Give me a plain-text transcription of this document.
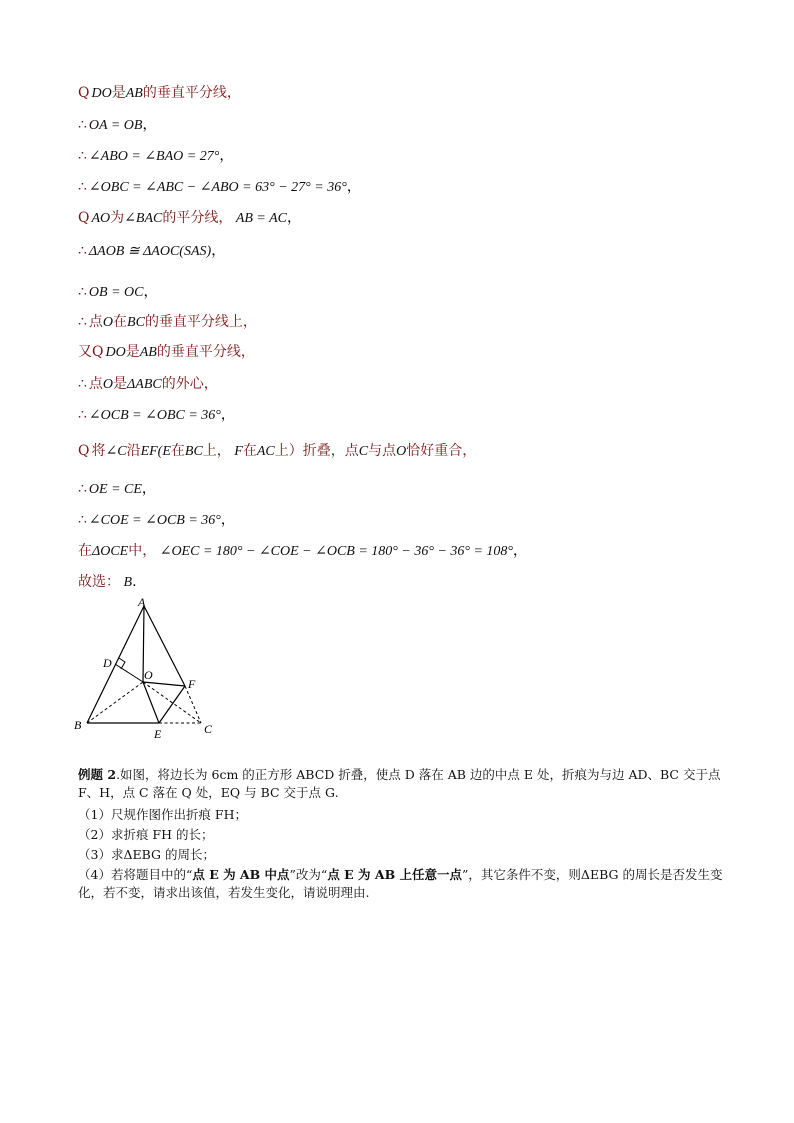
Q DO是AB的垂直平分线，
∴ OA = OB，
∴ ∠ABO = ∠BAO = 27°，
∴ ∠OBC = ∠ABC − ∠ABO = 63° − 27° = 36°，
Q AO为∠BAC的平分线， AB = AC，
∴ ΔAOB ≅ ΔAOC(SAS)，
∴ OB = OC，
∴ 点O在BC的垂直平分线上，
又Q DO是AB的垂直平分线，
∴ 点O是ΔABC的外心，
∴ ∠OCB = ∠OBC = 36°，
Q 将∠C沿EF(E在BC上， F在AC上）折叠，点C与点O恰好重合，
∴ OE = CE，
∴ ∠COE = ∠OCB = 36°，
在ΔOCE中， ∠OEC = 180° − ∠COE − ∠OCB = 180° − 36° − 36° = 108°，
故选： B.
A
D
O
F
B
E	C
例题 2.如图，将边长为 6cm 的正方形 ABCD 折叠，使点 D 落在 AB 边的中点 E 处，折痕为与边 AD、BC 交于点 F、H，点 C 落在 Q 处，EQ 与 BC 交于点 G.
（1）尺规作图作出折痕 FH；
（2）求折痕 FH 的长；
（3）求ΔEBG 的周长；
（4）若将题目中的“点 E 为 AB 中点”改为“点 E 为 AB 上任意一点”，其它条件不变，则ΔEBG 的周长是否发生变化，若不变，请求出该值，若发生变化，请说明理由.
